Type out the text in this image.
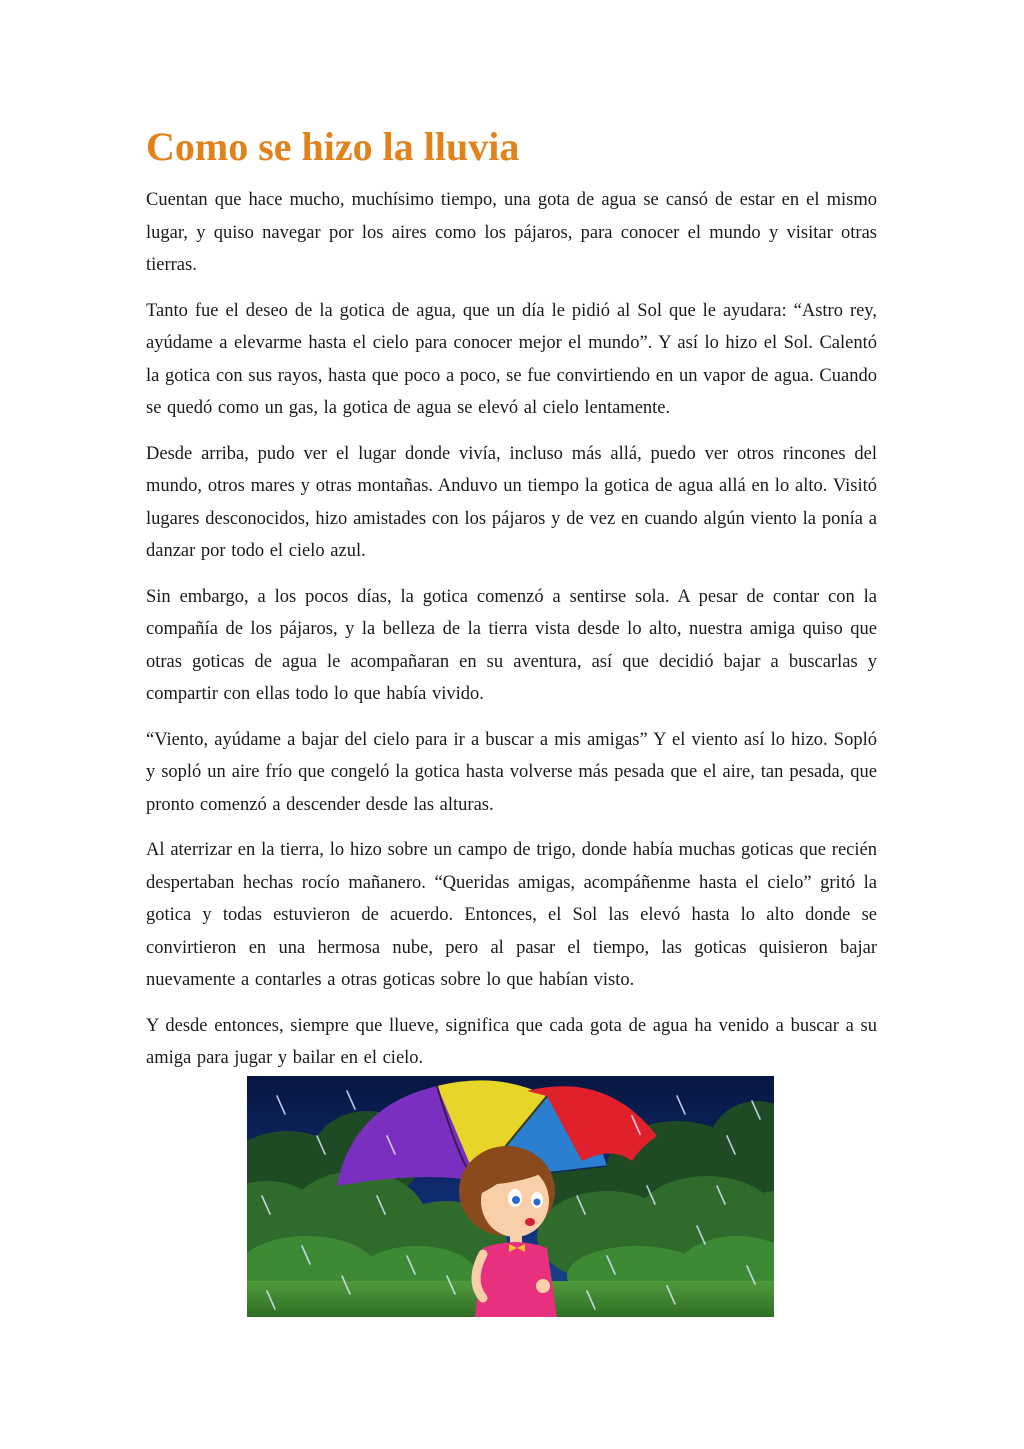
Como se hizo la lluvia

Cuentan que hace mucho, muchísimo tiempo, una gota de agua se cansó de estar en el mismo lugar, y quiso navegar por los aires como los pájaros, para conocer el mundo y visitar otras tierras.

Tanto fue el deseo de la gotica de agua, que un día le pidió al Sol que le ayudara: “Astro rey, ayúdame a elevarme hasta el cielo para conocer mejor el mundo”. Y así lo hizo el Sol. Calentó la gotica con sus rayos, hasta que poco a poco, se fue convirtiendo en un vapor de agua. Cuando se quedó como un gas, la gotica de agua se elevó al cielo lentamente.

Desde arriba, pudo ver el lugar donde vivía, incluso más allá, puedo ver otros rincones del mundo, otros mares y otras montañas. Anduvo un tiempo la gotica de agua allá en lo alto. Visitó lugares desconocidos, hizo amistades con los pájaros y de vez en cuando algún viento la ponía a danzar por todo el cielo azul.

Sin embargo, a los pocos días, la gotica comenzó a sentirse sola. A pesar de contar con la compañía de los pájaros, y la belleza de la tierra vista desde lo alto, nuestra amiga quiso que otras goticas de agua le acompañaran en su aventura, así que decidió bajar a buscarlas y compartir con ellas todo lo que había vivido.

“Viento, ayúdame a bajar del cielo para ir a buscar a mis amigas” Y el viento así lo hizo. Sopló y sopló un aire frío que congeló la gotica hasta volverse más pesada que el aire, tan pesada, que pronto comenzó a descender desde las alturas.

Al aterrizar en la tierra, lo hizo sobre un campo de trigo, donde había muchas goticas que recién despertaban hechas rocío mañanero. “Queridas amigas, acompáñenme hasta el cielo” gritó la gotica y todas estuvieron de acuerdo. Entonces, el Sol las elevó hasta lo alto donde se convirtieron en una hermosa nube, pero al pasar el tiempo, las goticas quisieron bajar nuevamente a contarles a otras goticas sobre lo que habían visto.

Y desde entonces, siempre que llueve, significa que cada gota de agua ha venido a buscar a su amiga para jugar y bailar en el cielo.
